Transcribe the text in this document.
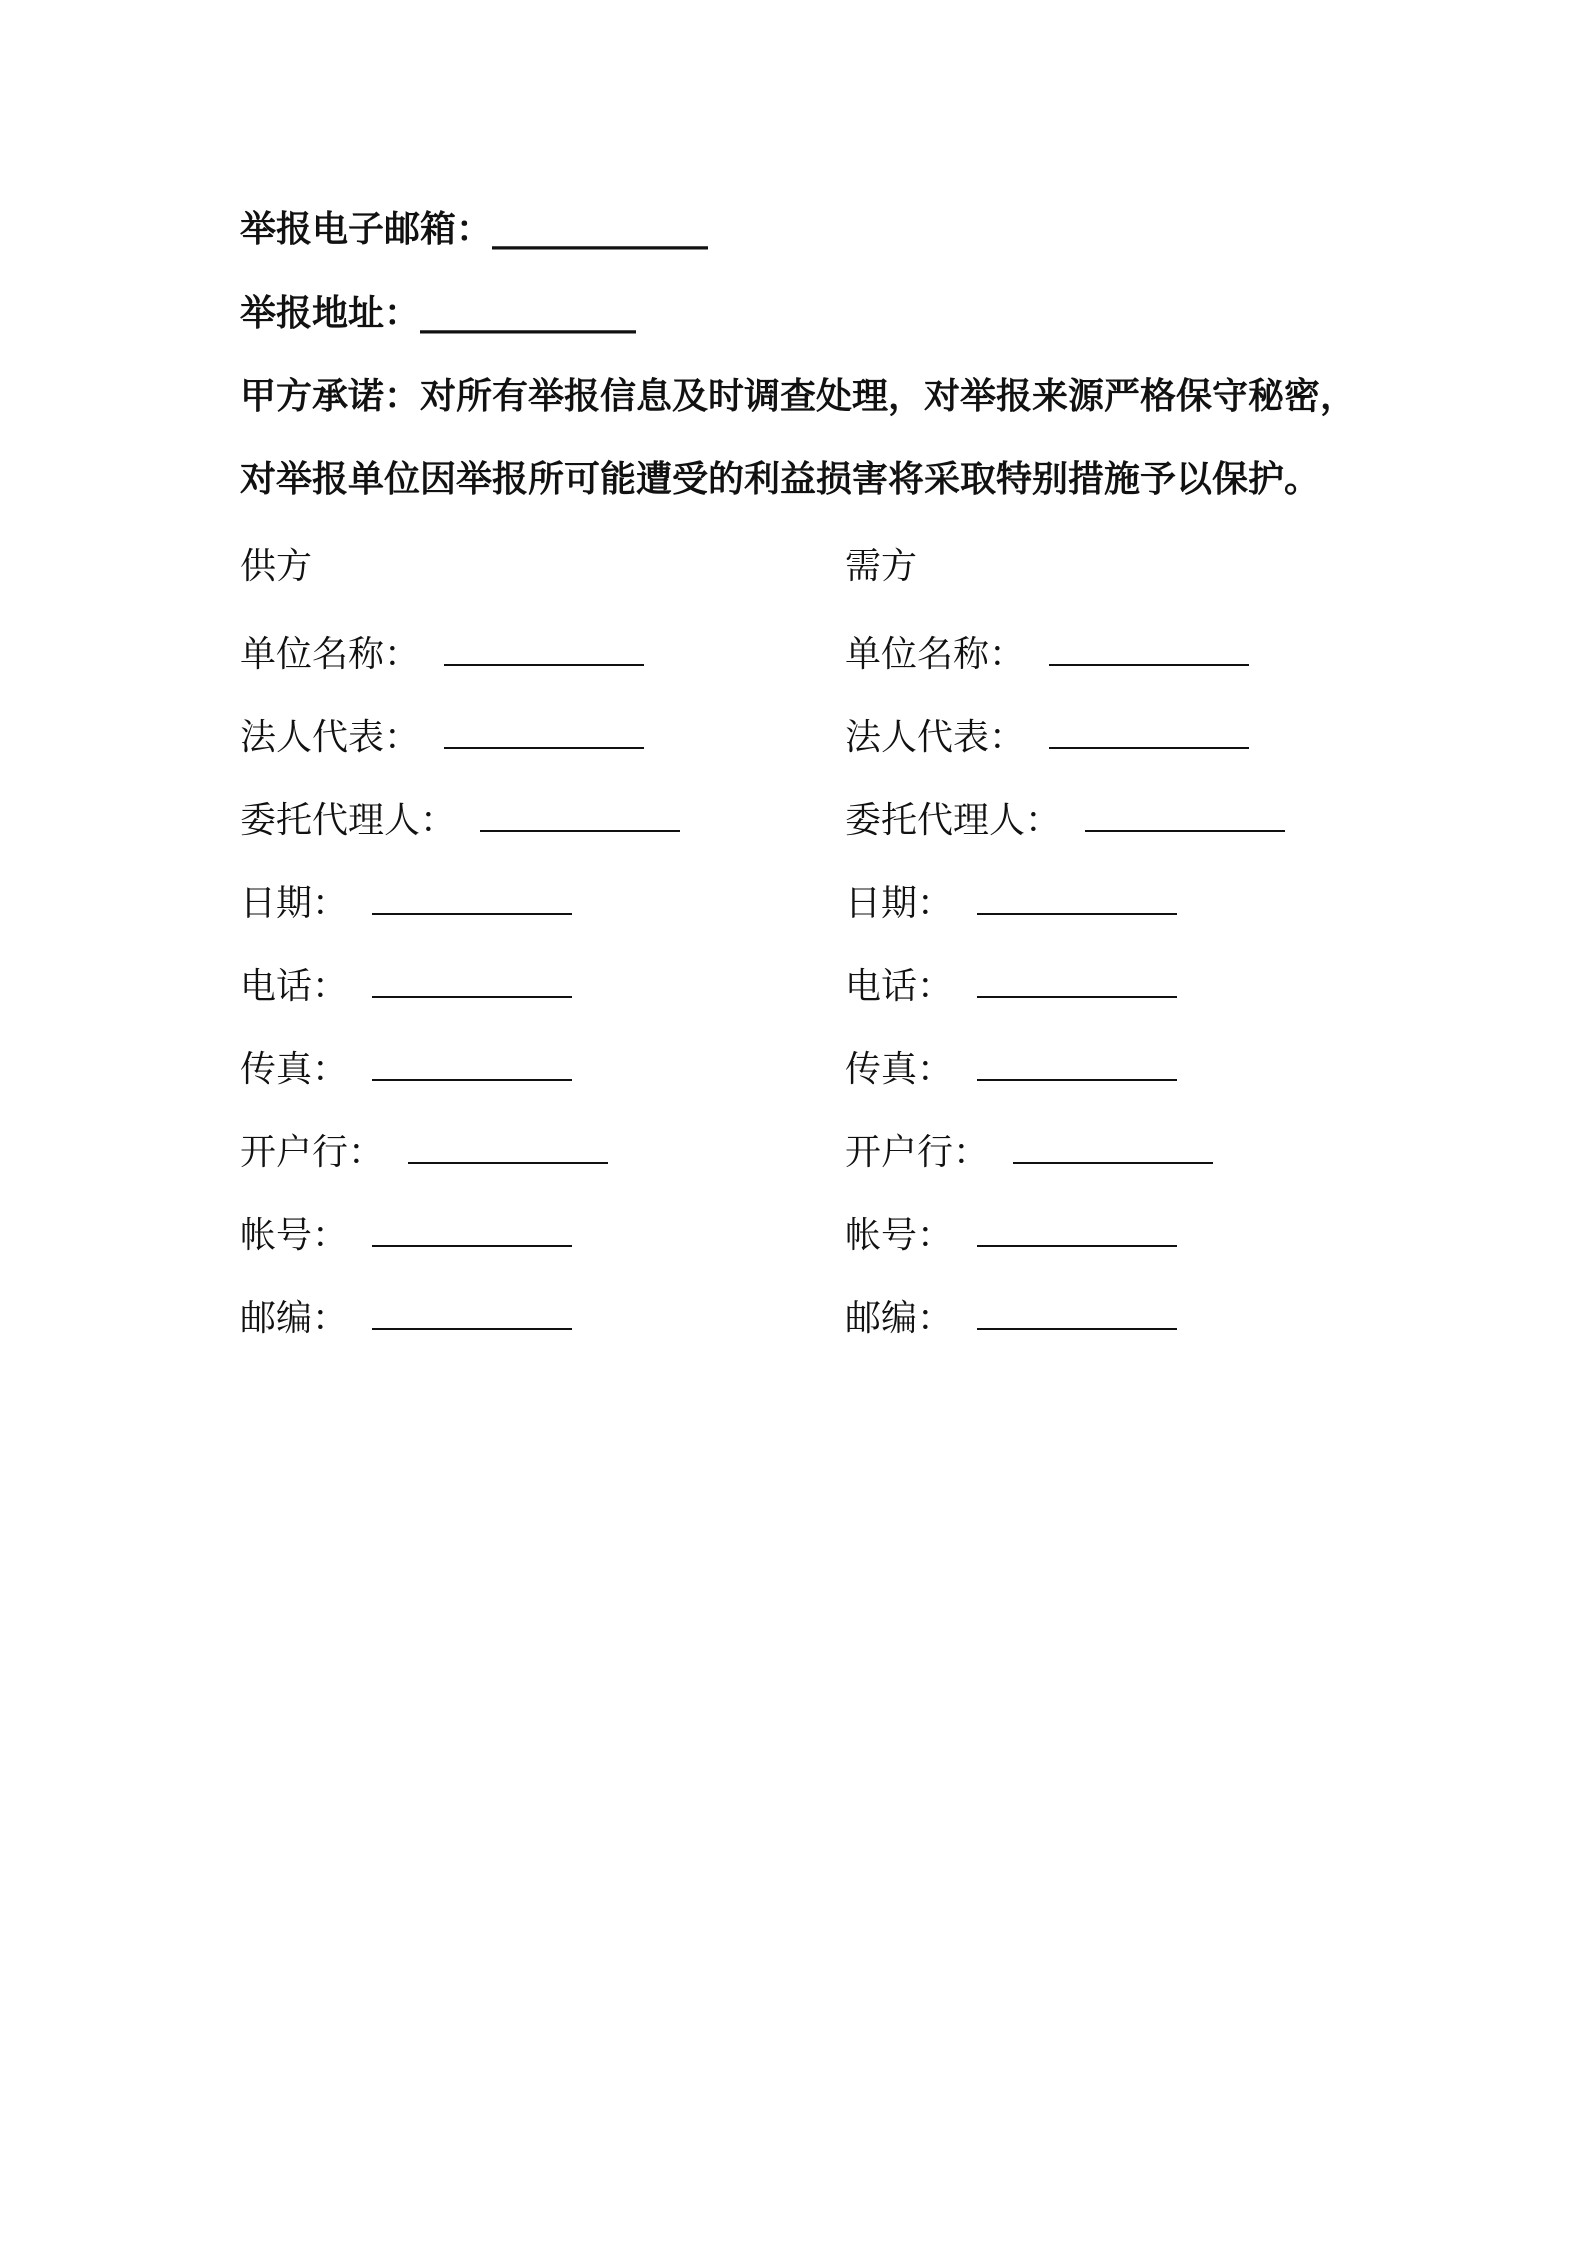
举报电子邮箱：____________
举报地址：____________
甲方承诺：对所有举报信息及时调查处理，对举报来源严格保守秘密，
对举报单位因举报所可能遭受的利益损害将采取特别措施予以保护。
供方
单位名称：
法人代表：
委托代理人：
日期：
电话：
传真：
开户行：
帐号：
邮编：
需方
单位名称：
法人代表：
委托代理人：
日期：
电话：
传真：
开户行：
帐号：
邮编：
